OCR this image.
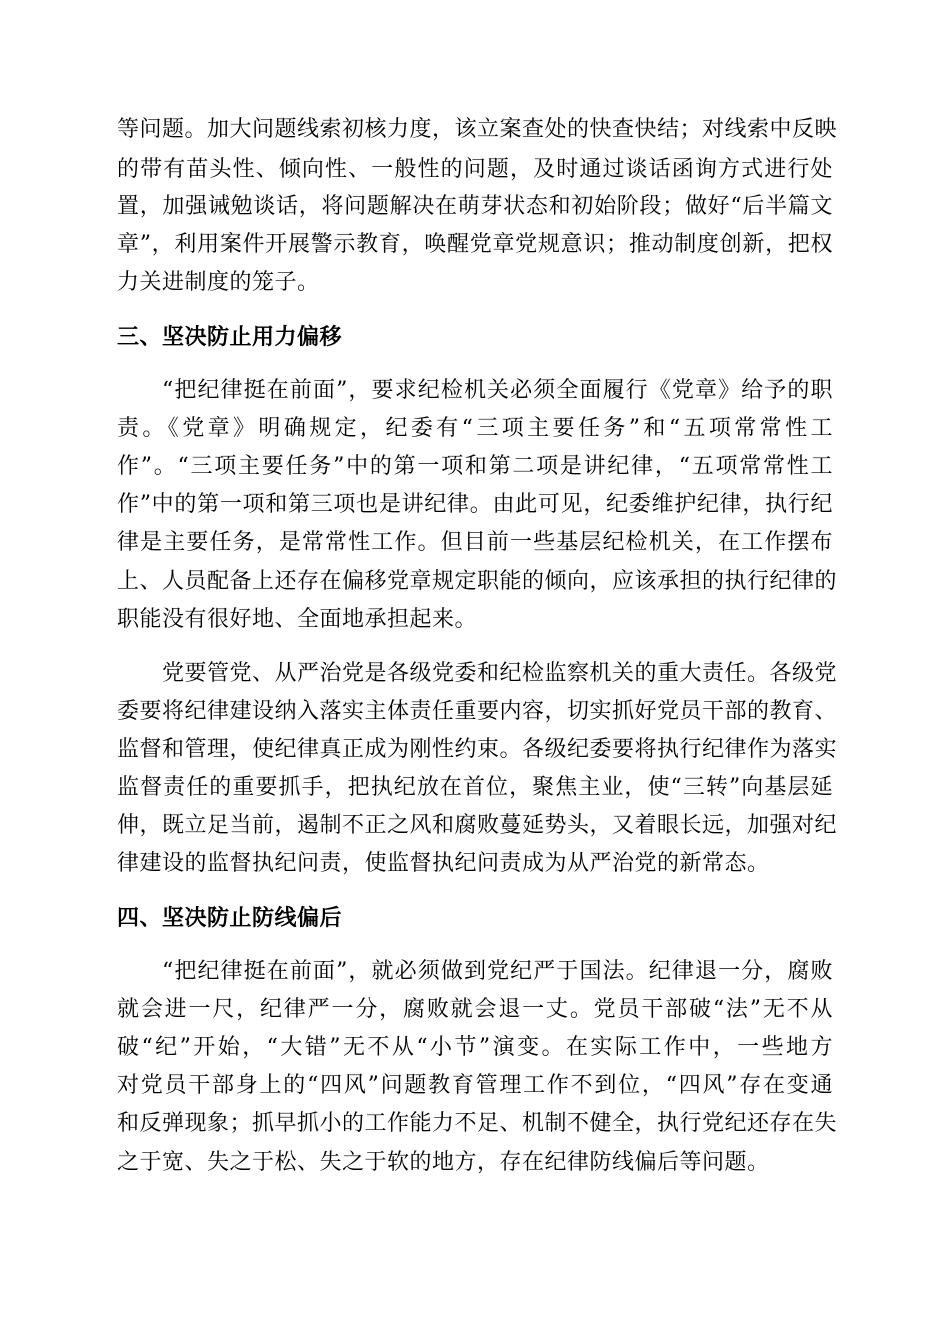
等问题。加大问题线索初核力度，该立案查处的快查快结；对线索中反映
的带有苗头性、倾向性、一般性的问题，及时通过谈话函询方式进行处
置，加强诫勉谈话，将问题解决在萌芽状态和初始阶段；做好“后半篇文
章”，利用案件开展警示教育，唤醒党章党规意识；推动制度创新，把权
力关进制度的笼子。
三、坚决防止用力偏移
“把纪律挺在前面”，要求纪检机关必须全面履行《党章》给予的职
责。《党章》明确规定，纪委有“三项主要任务”和“五项常常性工
作”。“三项主要任务”中的第一项和第二项是讲纪律，“五项常常性工
作”中的第一项和第三项也是讲纪律。由此可见，纪委维护纪律，执行纪
律是主要任务，是常常性工作。但目前一些基层纪检机关，在工作摆布
上、人员配备上还存在偏移党章规定职能的倾向，应该承担的执行纪律的
职能没有很好地、全面地承担起来。
党要管党、从严治党是各级党委和纪检监察机关的重大责任。各级党
委要将纪律建设纳入落实主体责任重要内容，切实抓好党员干部的教育、
监督和管理，使纪律真正成为刚性约束。各级纪委要将执行纪律作为落实
监督责任的重要抓手，把执纪放在首位，聚焦主业，使“三转”向基层延
伸，既立足当前，遏制不正之风和腐败蔓延势头，又着眼长远，加强对纪
律建设的监督执纪问责，使监督执纪问责成为从严治党的新常态。
四、坚决防止防线偏后
“把纪律挺在前面”，就必须做到党纪严于国法。纪律退一分，腐败
就会进一尺，纪律严一分，腐败就会退一丈。党员干部破“法”无不从
破“纪”开始，“大错”无不从“小节”演变。在实际工作中，一些地方
对党员干部身上的“四风”问题教育管理工作不到位，“四风”存在变通
和反弹现象；抓早抓小的工作能力不足、机制不健全，执行党纪还存在失
之于宽、失之于松、失之于软的地方，存在纪律防线偏后等问题。
